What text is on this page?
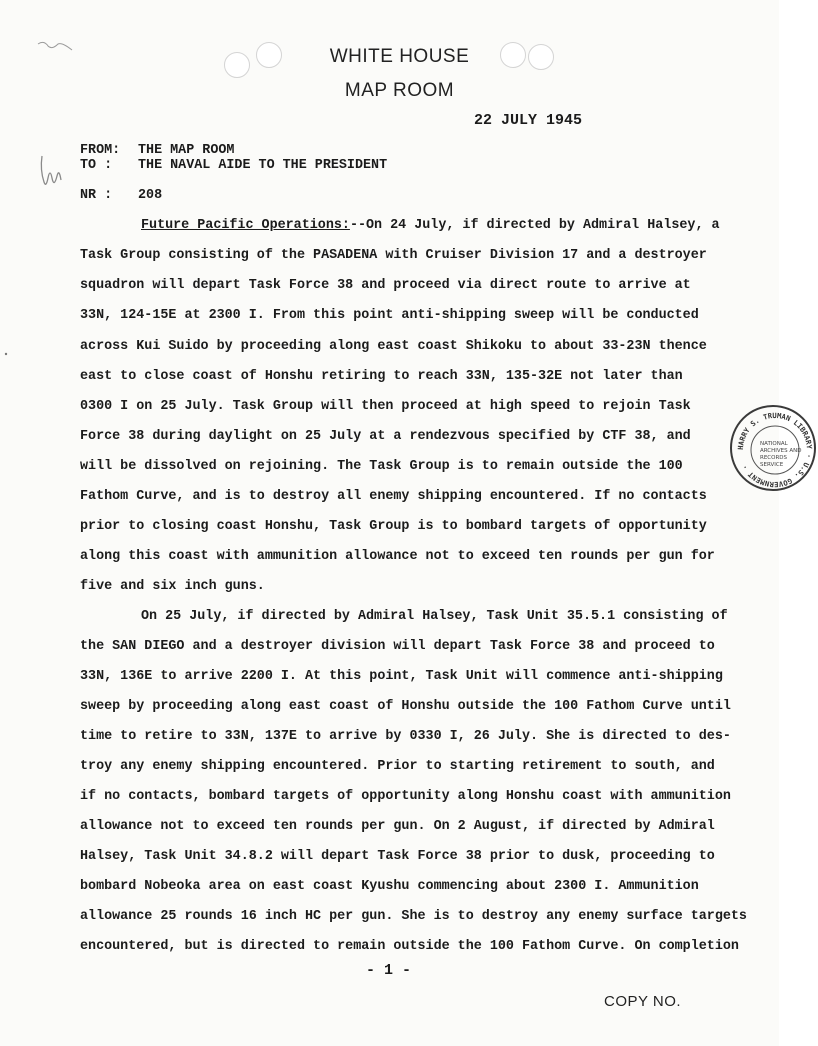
WHITE HOUSE
MAP ROOM
22 JULY 1945
FROM: THE MAP ROOM
TO : THE NAVAL AIDE TO THE PRESIDENT
NR : 208
Future Pacific Operations:--On 24 July, if directed by Admiral Halsey, a
Task Group consisting of the PASADENA with Cruiser Division 17 and a destroyer
squadron will depart Task Force 38 and proceed via direct route to arrive at
33N, 124-15E at 2300 I. From this point anti-shipping sweep will be conducted
across Kui Suido by proceeding along east coast Shikoku to about 33-23N thence
east to close coast of Honshu retiring to reach 33N, 135-32E not later than
0300 I on 25 July. Task Group will then proceed at high speed to rejoin Task
Force 38 during daylight on 25 July at a rendezvous specified by CTF 38, and
will be dissolved on rejoining. The Task Group is to remain outside the 100
Fathom Curve, and is to destroy all enemy shipping encountered. If no contacts
prior to closing coast Honshu, Task Group is to bombard targets of opportunity
along this coast with ammunition allowance not to exceed ten rounds per gun for
five and six inch guns.
On 25 July, if directed by Admiral Halsey, Task Unit 35.5.1 consisting of
the SAN DIEGO and a destroyer division will depart Task Force 38 and proceed to
33N, 136E to arrive 2200 I. At this point, Task Unit will commence anti-shipping
sweep by proceeding along east coast of Honshu outside the 100 Fathom Curve until
time to retire to 33N, 137E to arrive by 0330 I, 26 July. She is directed to des-
troy any enemy shipping encountered. Prior to starting retirement to south, and
if no contacts, bombard targets of opportunity along Honshu coast with ammunition
allowance not to exceed ten rounds per gun. On 2 August, if directed by Admiral
Halsey, Task Unit 34.8.2 will depart Task Force 38 prior to dusk, proceeding to
bombard Nobeoka area on east coast Kyushu commencing about 2300 I. Ammunition
allowance 25 rounds 16 inch HC per gun. She is to destroy any enemy surface targets
encountered, but is directed to remain outside the 100 Fathom Curve. On completion
- 1 -
COPY NO.
HARRY S. TRUMAN LIBRARY · U.S. GOVERNMENT ·
NATIONAL
ARCHIVES AND
RECORDS
SERVICE
